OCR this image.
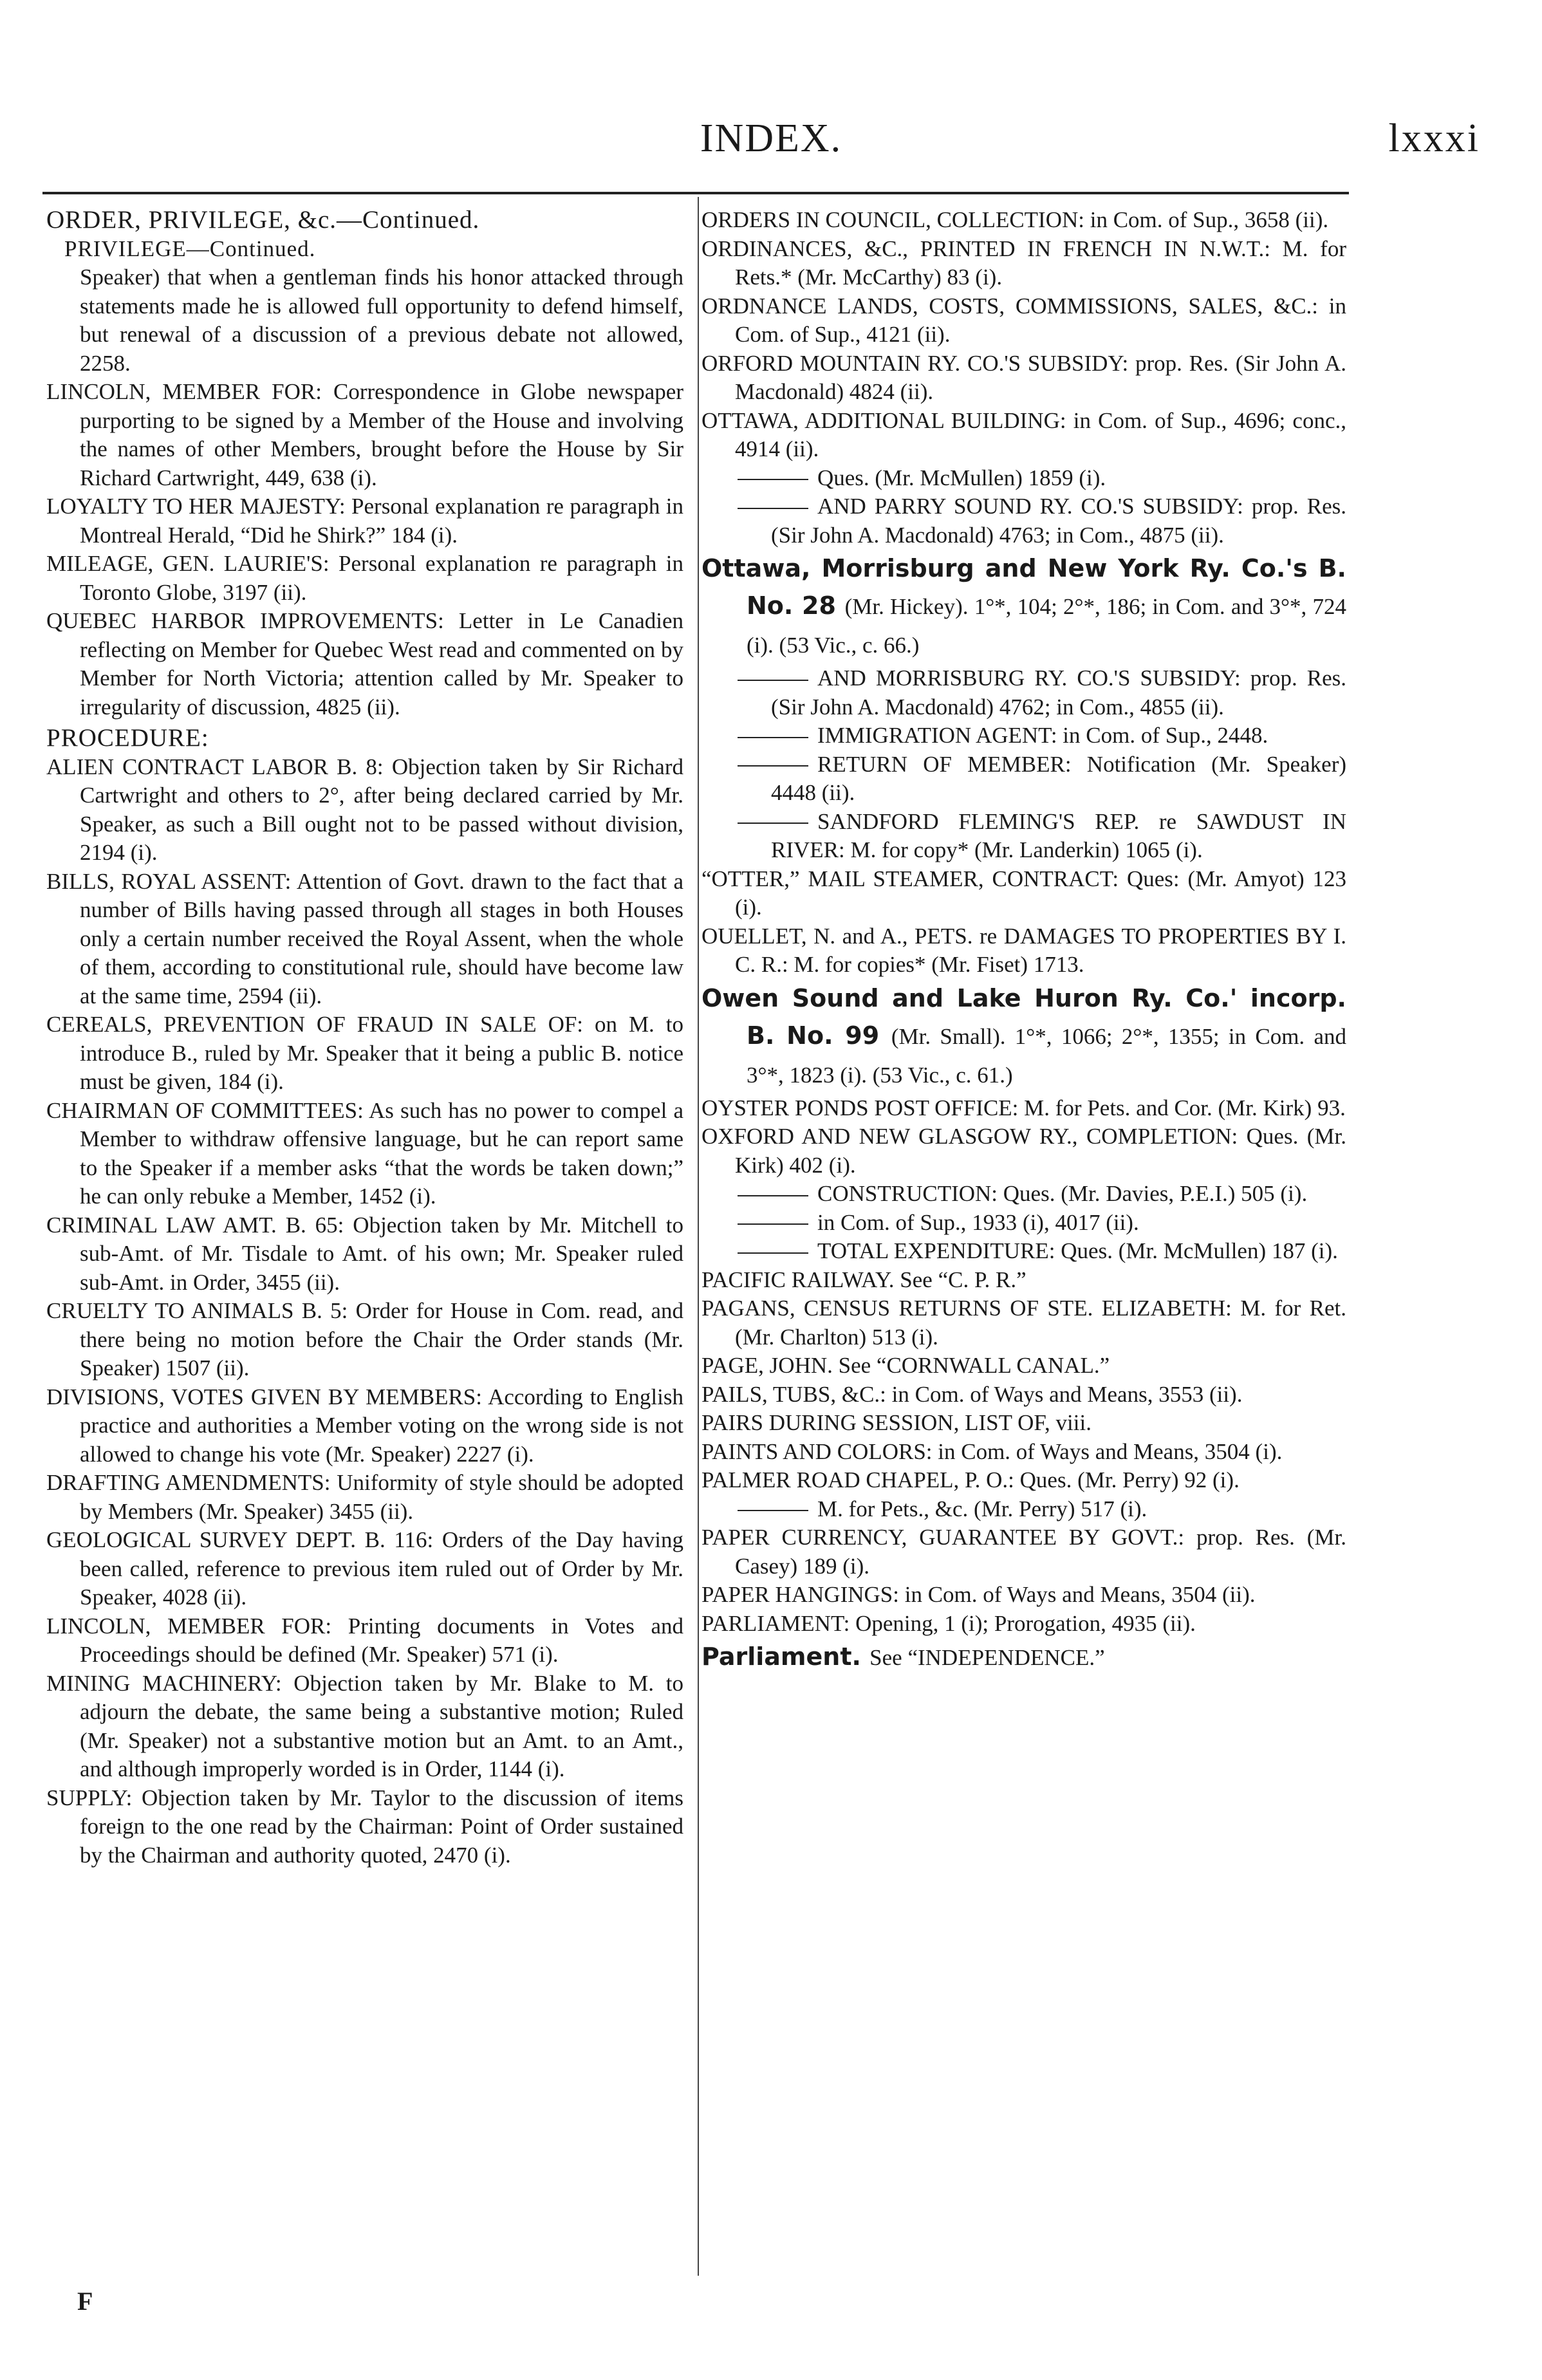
INDEX.	lxxxi

ORDER, PRIVILEGE, &c.—Continued.

PRIVILEGE—Continued.

Speaker) that when a gentleman finds his honor attacked through statements made he is allowed full opportunity to defend himself, but renewal of a discussion of a previous debate not allowed, 2258.

LINCOLN, MEMBER FOR: Correspondence in Globe newspaper purporting to be signed by a Member of the House and involving the names of other Members, brought before the House by Sir Richard Cartwright, 449, 638 (i).

LOYALTY TO HER MAJESTY: Personal explanation re paragraph in Montreal Herald, “Did he Shirk?” 184 (i).

MILEAGE, GEN. LAURIE'S: Personal explanation re paragraph in Toronto Globe, 3197 (ii).

QUEBEC HARBOR IMPROVEMENTS: Letter in Le Canadien reflecting on Member for Quebec West read and commented on by Member for North Victoria; attention called by Mr. Speaker to irregularity of discussion, 4825 (ii).

PROCEDURE:

ALIEN CONTRACT LABOR B. 8: Objection taken by Sir Richard Cartwright and others to 2°, after being declared carried by Mr. Speaker, as such a Bill ought not to be passed without division, 2194 (i).

BILLS, ROYAL ASSENT: Attention of Govt. drawn to the fact that a number of Bills having passed through all stages in both Houses only a certain number received the Royal Assent, when the whole of them, according to constitutional rule, should have become law at the same time, 2594 (ii).

CEREALS, PREVENTION OF FRAUD IN SALE OF: on M. to introduce B., ruled by Mr. Speaker that it being a public B. notice must be given, 184 (i).

CHAIRMAN OF COMMITTEES: As such has no power to compel a Member to withdraw offensive language, but he can report same to the Speaker if a member asks “that the words be taken down;” he can only rebuke a Member, 1452 (i).

CRIMINAL LAW AMT. B. 65: Objection taken by Mr. Mitchell to sub-Amt. of Mr. Tisdale to Amt. of his own; Mr. Speaker ruled sub-Amt. in Order, 3455 (ii).

CRUELTY TO ANIMALS B. 5: Order for House in Com. read, and there being no motion before the Chair the Order stands (Mr. Speaker) 1507 (ii).

DIVISIONS, VOTES GIVEN BY MEMBERS: According to English practice and authorities a Member voting on the wrong side is not allowed to change his vote (Mr. Speaker) 2227 (i).

DRAFTING AMENDMENTS: Uniformity of style should be adopted by Members (Mr. Speaker) 3455 (ii).

GEOLOGICAL SURVEY DEPT. B. 116: Orders of the Day having been called, reference to previous item ruled out of Order by Mr. Speaker, 4028 (ii).

LINCOLN, MEMBER FOR: Printing documents in Votes and Proceedings should be defined (Mr. Speaker) 571 (i).

MINING MACHINERY: Objection taken by Mr. Blake to M. to adjourn the debate, the same being a substantive motion; Ruled (Mr. Speaker) not a substantive motion but an Amt. to an Amt., and although improperly worded is in Order, 1144 (i).

SUPPLY: Objection taken by Mr. Taylor to the discussion of items foreign to the one read by the Chairman: Point of Order sustained by the Chairman and authority quoted, 2470 (i).

ORDERS IN COUNCIL, COLLECTION: in Com. of Sup., 3658 (ii).

ORDINANCES, &C., PRINTED IN FRENCH IN N.W.T.: M. for Rets.* (Mr. McCarthy) 83 (i).

ORDNANCE LANDS, COSTS, COMMISSIONS, SALES, &C.: in Com. of Sup., 4121 (ii).

ORFORD MOUNTAIN RY. CO.'S SUBSIDY: prop. Res. (Sir John A. Macdonald) 4824 (ii).

OTTAWA, ADDITIONAL BUILDING: in Com. of Sup., 4696; conc., 4914 (ii).

Ques. (Mr. McMullen) 1859 (i).

AND PARRY SOUND RY. CO.'S SUBSIDY: prop. Res. (Sir John A. Macdonald) 4763; in Com., 4875 (ii).

Ottawa, Morrisburg and New York Ry. Co.'s B. No. 28 (Mr. Hickey). 1°*, 104; 2°*, 186; in Com. and 3°*, 724 (i). (53 Vic., c. 66.)

AND MORRISBURG RY. CO.'S SUBSIDY: prop. Res. (Sir John A. Macdonald) 4762; in Com., 4855 (ii).

IMMIGRATION AGENT: in Com. of Sup., 2448.

RETURN OF MEMBER: Notification (Mr. Speaker) 4448 (ii).

SANDFORD FLEMING'S REP. re SAWDUST IN RIVER: M. for copy* (Mr. Landerkin) 1065 (i).

“OTTER,” MAIL STEAMER, CONTRACT: Ques: (Mr. Amyot) 123 (i).

OUELLET, N. and A., PETS. re DAMAGES TO PROPERTIES BY I. C. R.: M. for copies* (Mr. Fiset) 1713.

Owen Sound and Lake Huron Ry. Co.' incorp. B. No. 99 (Mr. Small). 1°*, 1066; 2°*, 1355; in Com. and 3°*, 1823 (i). (53 Vic., c. 61.)

OYSTER PONDS POST OFFICE: M. for Pets. and Cor. (Mr. Kirk) 93.

OXFORD AND NEW GLASGOW RY., COMPLETION: Ques. (Mr. Kirk) 402 (i).

CONSTRUCTION: Ques. (Mr. Davies, P.E.I.) 505 (i).

in Com. of Sup., 1933 (i), 4017 (ii).

TOTAL EXPENDITURE: Ques. (Mr. McMullen) 187 (i).

PACIFIC RAILWAY. See “C. P. R.”

PAGANS, CENSUS RETURNS OF STE. ELIZABETH: M. for Ret. (Mr. Charlton) 513 (i).

PAGE, JOHN. See “CORNWALL CANAL.”

PAILS, TUBS, &C.: in Com. of Ways and Means, 3553 (ii).

PAIRS DURING SESSION, LIST OF, viii.

PAINTS AND COLORS: in Com. of Ways and Means, 3504 (i).

PALMER ROAD CHAPEL, P. O.: Ques. (Mr. Perry) 92 (i).

M. for Pets., &c. (Mr. Perry) 517 (i).

PAPER CURRENCY, GUARANTEE BY GOVT.: prop. Res. (Mr. Casey) 189 (i).

PAPER HANGINGS: in Com. of Ways and Means, 3504 (ii).

PARLIAMENT: Opening, 1 (i); Prorogation, 4935 (ii).

Parliament. See “INDEPENDENCE.”

F
